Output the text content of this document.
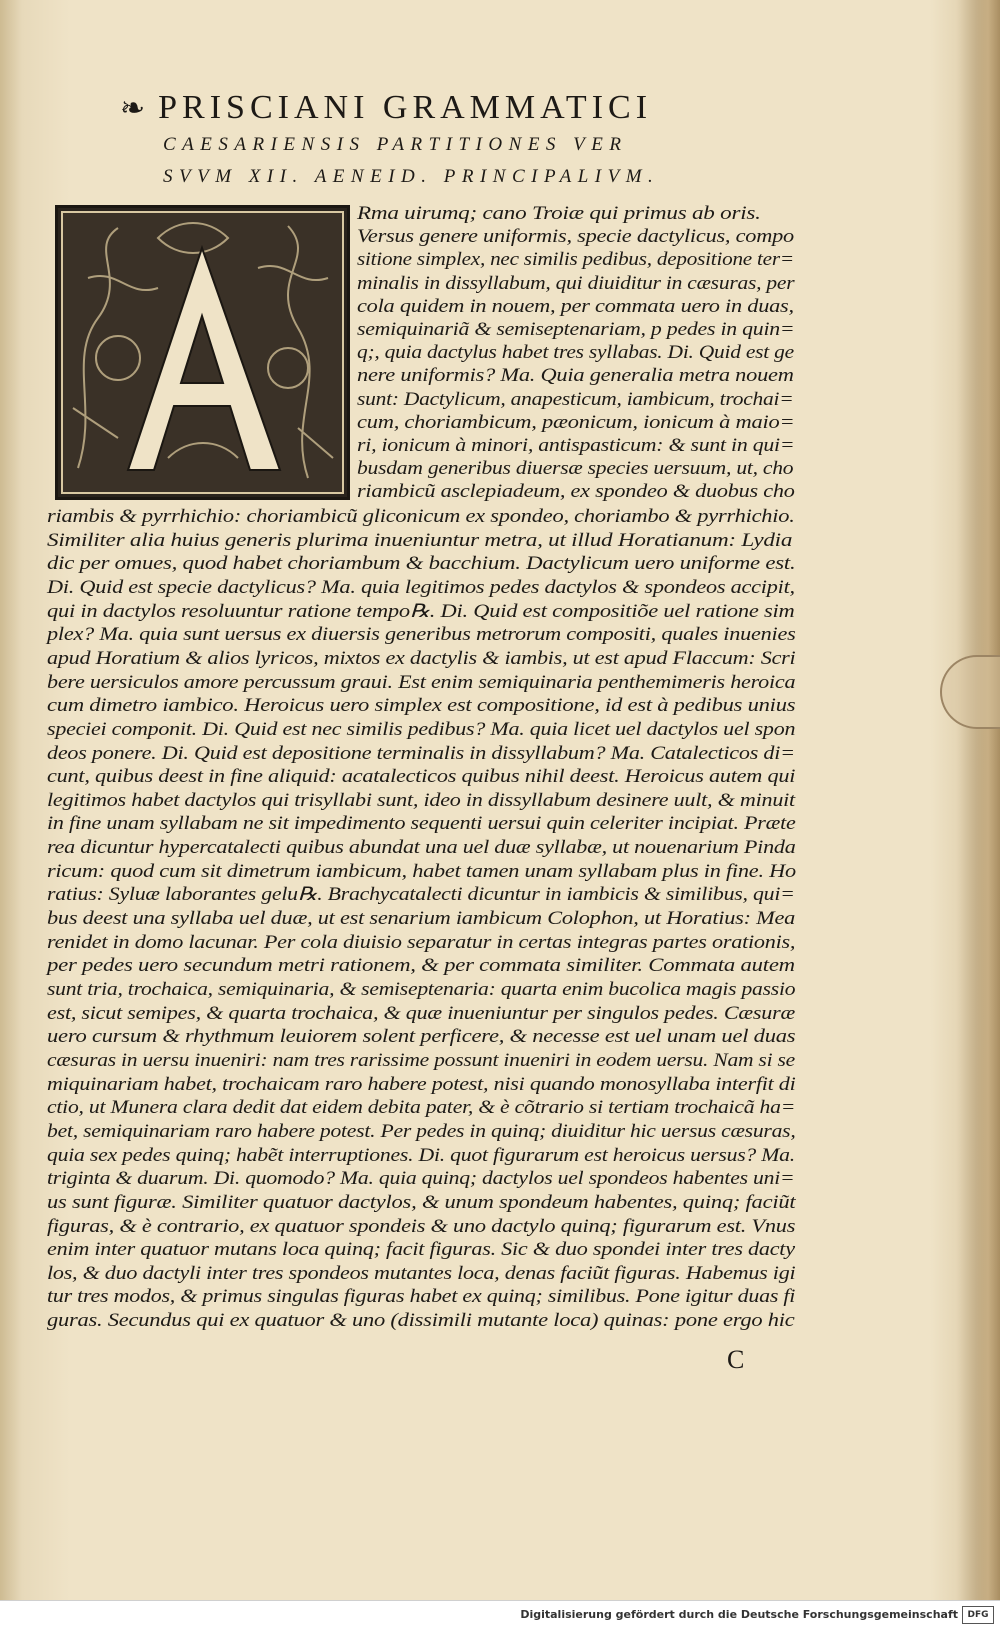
❧ PRISCIANI GRAMMATICI

CAESARIENSIS PARTITIONES VER

SVVM XII. AENEID. PRINCIPALIVM.

Rma uirumq; cano Troiæ qui primus ab oris.

Versus genere uniformis, specie dactylicus, compo

sitione simplex, nec similis pedibus, depositione ter=

minalis in dissyllabum, qui diuiditur in cæsuras, per

cola quidem in nouem, per commata uero in duas,

semiquinariã & semiseptenariam, p pedes in quin=

q;, quia dactylus habet tres syllabas. Di. Quid est ge

nere uniformis? Ma. Quia generalia metra nouem

sunt: Dactylicum, anapesticum, iambicum, trochai=

cum, choriambicum, pæonicum, ionicum à maio=

ri, ionicum à minori, antispasticum: & sunt in qui=

busdam generibus diuersæ species uersuum, ut, cho

riambicũ asclepiadeum, ex spondeo & duobus cho

riambis & pyrrhichio: choriambicũ gliconicum ex spondeo, choriambo & pyrrhichio.

Similiter alia huius generis plurima inueniuntur metra, ut illud Horatianum: Lydia

dic per omues, quod habet choriambum & bacchium. Dactylicum uero uniforme est.

Di. Quid est specie dactylicus? Ma. quia legitimos pedes dactylos & spondeos accipit,

qui in dactylos resoluuntur ratione tempo℞. Di. Quid est compositiõe uel ratione sim

plex? Ma. quia sunt uersus ex diuersis generibus metrorum compositi, quales inuenies

apud Horatium & alios lyricos, mixtos ex dactylis & iambis, ut est apud Flaccum: Scri

bere uersiculos amore percussum graui. Est enim semiquinaria penthemimeris heroica

cum dimetro iambico. Heroicus uero simplex est compositione, id est à pedibus unius

speciei componit. Di. Quid est nec similis pedibus? Ma. quia licet uel dactylos uel spon

deos ponere. Di. Quid est depositione terminalis in dissyllabum? Ma. Catalecticos di=

cunt, quibus deest in fine aliquid: acatalecticos quibus nihil deest. Heroicus autem qui

legitimos habet dactylos qui trisyllabi sunt, ideo in dissyllabum desinere uult, & minuit

in fine unam syllabam ne sit impedimento sequenti uersui quin celeriter incipiat. Præte

rea dicuntur hypercatalecti quibus abundat una uel duæ syllabæ, ut nouenarium Pinda

ricum: quod cum sit dimetrum iambicum, habet tamen unam syllabam plus in fine. Ho

ratius: Syluæ laborantes gelu℞. Brachycatalecti dicuntur in iambicis & similibus, qui=

bus deest una syllaba uel duæ, ut est senarium iambicum Colophon, ut Horatius: Mea

renidet in domo lacunar. Per cola diuisio separatur in certas integras partes orationis,

per pedes uero secundum metri rationem, & per commata similiter. Commata autem

sunt tria, trochaica, semiquinaria, & semiseptenaria: quarta enim bucolica magis passio

est, sicut semipes, & quarta trochaica, & quæ inueniuntur per singulos pedes. Cæsuræ

uero cursum & rhythmum leuiorem solent perficere, & necesse est uel unam uel duas

cæsuras in uersu inueniri: nam tres rarissime possunt inueniri in eodem uersu. Nam si se

miquinariam habet, trochaicam raro habere potest, nisi quando monosyllaba interfit di

ctio, ut Munera clara dedit dat eidem debita pater, & è cõtrario si tertiam trochaicã ha=

bet, semiquinariam raro habere potest. Per pedes in quinq; diuiditur hic uersus cæsuras,

quia sex pedes quinq; habẽt interruptiones. Di. quot figurarum est heroicus uersus? Ma.

triginta & duarum. Di. quomodo? Ma. quia quinq; dactylos uel spondeos habentes uni=

us sunt figuræ. Similiter quatuor dactylos, & unum spondeum habentes, quinq; faciũt

figuras, & è contrario, ex quatuor spondeis & uno dactylo quinq; figurarum est. Vnus

enim inter quatuor mutans loca quinq; facit figuras. Sic & duo spondei inter tres dacty

los, & duo dactyli inter tres spondeos mutantes loca, denas faciũt figuras. Habemus igi

tur tres modos, & primus singulas figuras habet ex quinq; similibus. Pone igitur duas fi

guras. Secundus qui ex quatuor & uno (dissimili mutante loca) quinas: pone ergo hic

C

Digitalisierung gefördert durch die Deutsche Forschungsgemeinschaft	DFG
